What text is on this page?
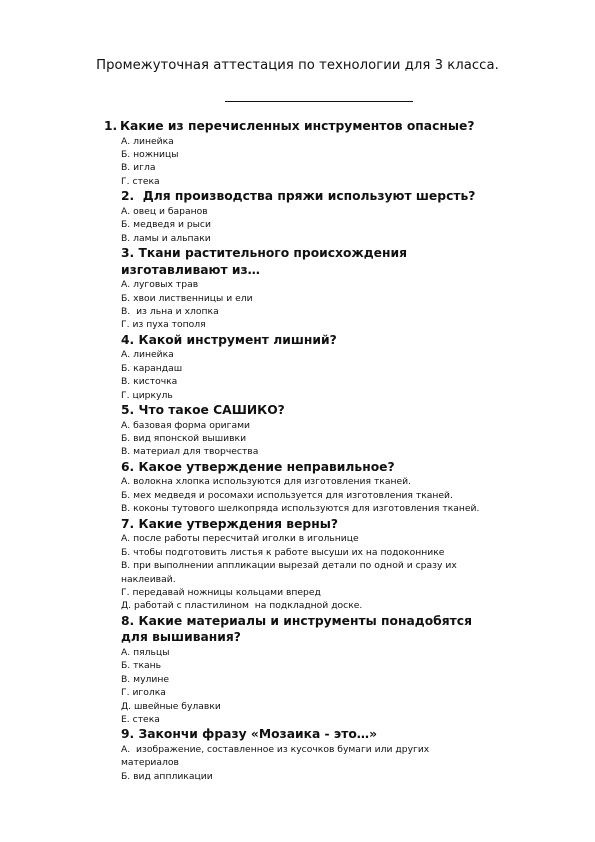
Промежуточная аттестация по технологии для 3 класса.
1. Какие из перечисленных инструментов опасные?
А. линейка
Б. ножницы
В. игла
Г. стека
2.  Для производства пряжи используют шерсть?
А. овец и баранов
Б. медведя и рыси
В. ламы и альпаки
3. Ткани растительного происхождения
изготавливают из…
А. луговых трав
Б. хвои лиственницы и ели
В.  из льна и хлопка
Г. из пуха тополя
4. Какой инструмент лишний?
А. линейка
Б. карандаш
В. кисточка
Г. циркуль
5. Что такое САШИКО?
А. базовая форма оригами
Б. вид японской вышивки
В. материал для творчества
6. Какое утверждение неправильное?
А. волокна хлопка используются для изготовления тканей.
Б. мех медведя и росомахи используется для изготовления тканей.
В. коконы тутового шелкопряда используются для изготовления тканей.
7. Какие утверждения верны?
А. после работы пересчитай иголки в игольнице
Б. чтобы подготовить листья к работе высуши их на подоконнике
В. при выполнении аппликации вырезай детали по одной и сразу их
наклеивай.
Г. передавай ножницы кольцами вперед
Д. работай с пластилином  на подкладной доске.
8. Какие материалы и инструменты понадобятся
для вышивания?
А. пяльцы
Б. ткань
В. мулине
Г. иголка
Д. швейные булавки
Е. стека
9. Закончи фразу «Мозаика - это…»
А.  изображение, составленное из кусочков бумаги или других
материалов
Б. вид аппликации
